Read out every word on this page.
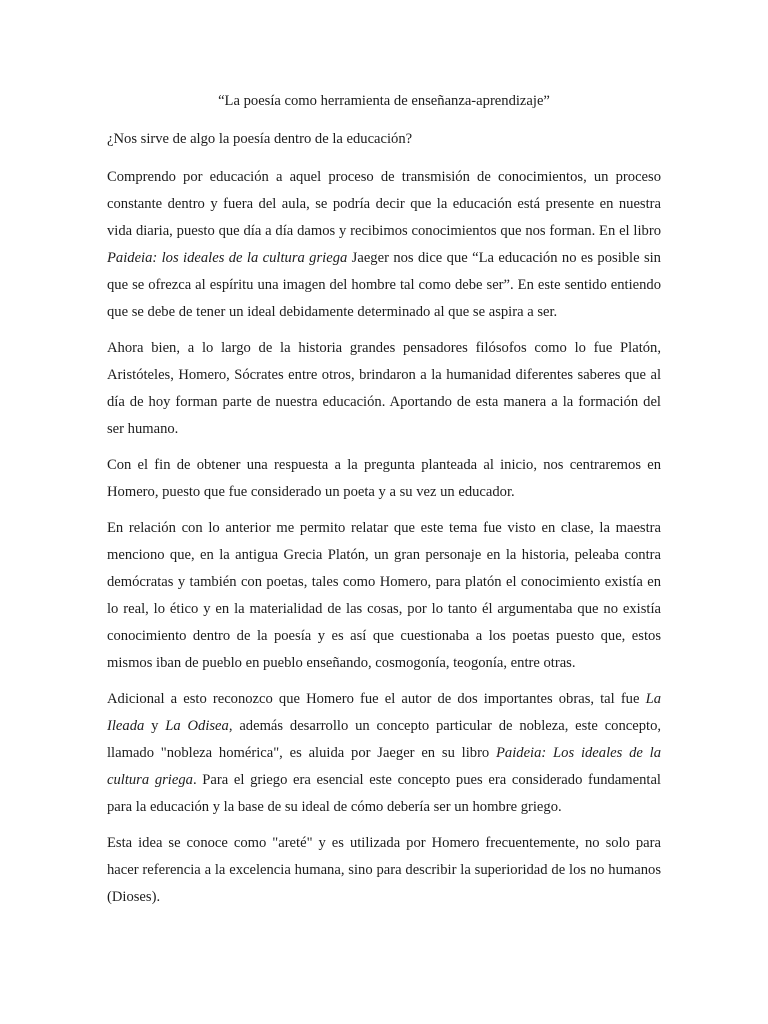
“La poesía como herramienta de enseñanza-aprendizaje”

¿Nos sirve de algo la poesía dentro de la educación?

Comprendo por educación a aquel proceso de transmisión de conocimientos, un proceso constante dentro y fuera del aula, se podría decir que la educación está presente en nuestra vida diaria, puesto que día a día damos y recibimos conocimientos que nos forman. En el libro Paideia: los ideales de la cultura griega Jaeger nos dice que “La educación no es posible sin que se ofrezca al espíritu una imagen del hombre tal como debe ser”. En este sentido entiendo que se debe de tener un ideal debidamente determinado al que se aspira a ser.

Ahora bien, a lo largo de la historia grandes pensadores filósofos como lo fue Platón, Aristóteles, Homero, Sócrates entre otros, brindaron a la humanidad diferentes saberes que al día de hoy forman parte de nuestra educación. Aportando de esta manera a la formación del ser humano.

Con el fin de obtener una respuesta a la pregunta planteada al inicio, nos centraremos en Homero, puesto que fue considerado un poeta y a su vez un educador.

En relación con lo anterior me permito relatar que este tema fue visto en clase, la maestra menciono que, en la antigua Grecia Platón, un gran personaje en la historia, peleaba contra demócratas y también con poetas, tales como Homero, para platón el conocimiento existía en lo real, lo ético y en la materialidad de las cosas, por lo tanto él argumentaba que no existía conocimiento dentro de la poesía y es así que cuestionaba a los poetas puesto que, estos mismos iban de pueblo en pueblo enseñando, cosmogonía, teogonía, entre otras.

Adicional a esto reconozco que Homero fue el autor de dos importantes obras, tal fue La Ileada y La Odisea, además desarrollo un concepto particular de nobleza, este concepto, llamado "nobleza homérica", es aluida por Jaeger en su libro Paideia: Los ideales de la cultura griega. Para el griego era esencial este concepto pues era considerado fundamental para la educación y la base de su ideal de cómo debería ser un hombre griego.

Esta idea se conoce como "areté" y es utilizada por Homero frecuentemente, no solo para hacer referencia a la excelencia humana, sino para describir la superioridad de los no humanos (Dioses).
